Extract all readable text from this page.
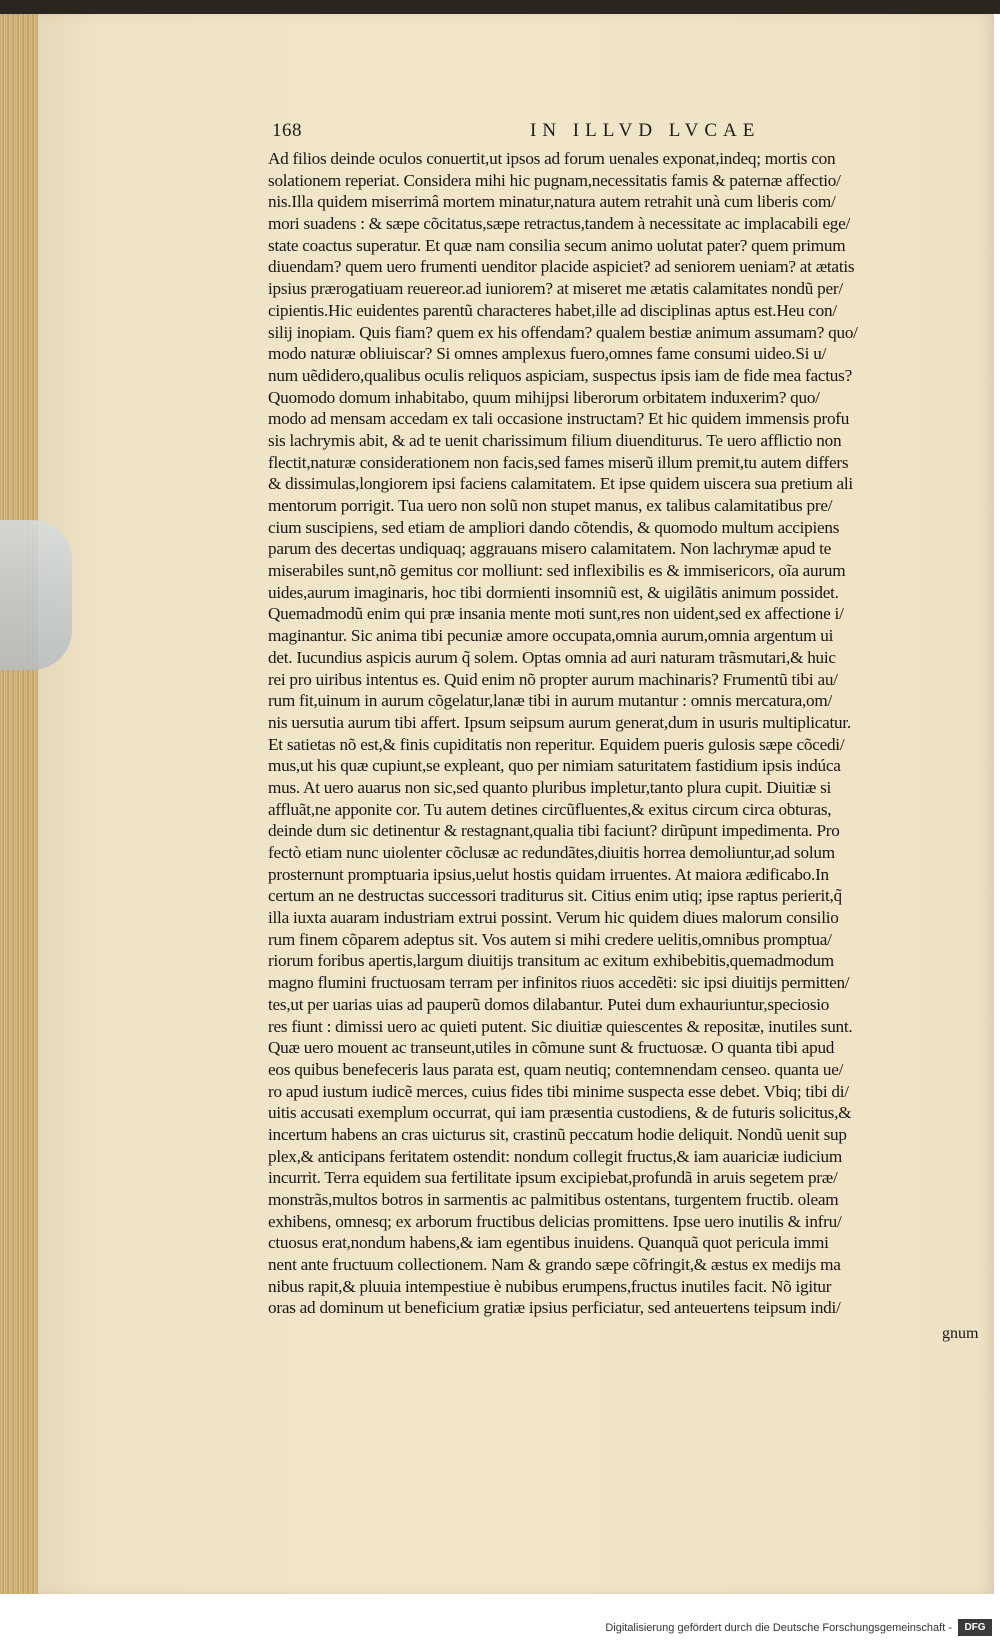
168	IN ILLVD LVCAE
Ad filios deinde oculos conuertit,ut ipsos ad forum uenales exponat,indeq; mortis con
solationem reperiat. Considera mihi hic pugnam,necessitatis famis & paternæ affectio/
nis.Illa quidem miserrimâ mortem minatur,natura autem retrahit unà cum liberis com/
mori suadens : & sæpe cõcitatus,sæpe retractus,tandem à necessitate ac implacabili ege/
state coactus superatur. Et quæ nam consilia secum animo uolutat pater? quem primum
diuendam? quem uero frumenti uenditor placide aspiciet? ad seniorem ueniam? at ætatis
ipsius prærogatiuam reuereor.ad iuniorem? at miseret me ætatis calamitates nondũ per/
cipientis.Hic euidentes parentũ characteres habet,ille ad disciplinas aptus est.Heu con/
silij inopiam. Quis fiam? quem ex his offendam? qualem bestiæ animum assumam? quo/
modo naturæ obliuiscar? Si omnes amplexus fuero,omnes fame consumi uideo.Si u/
num uẽdidero,qualibus oculis reliquos aspiciam, suspectus ipsis iam de fide mea factus?
Quomodo domum inhabitabo, quum mihijpsi liberorum orbitatem induxerim? quo/
modo ad mensam accedam ex tali occasione instructam? Et hic quidem immensis profu
sis lachrymis abit, & ad te uenit charissimum filium diuenditurus. Te uero afflictio non
flectit,naturæ considerationem non facis,sed fames miserũ illum premit,tu autem differs
& dissimulas,longiorem ipsi faciens calamitatem. Et ipse quidem uiscera sua pretium ali
mentorum porrigit. Tua uero non solũ non stupet manus, ex talibus calamitatibus pre/
cium suscipiens, sed etiam de ampliori dando cõtendis, & quomodo multum accipiens
parum des decertas undiquaq; aggrauans misero calamitatem. Non lachrymæ apud te
miserabiles sunt,nõ gemitus cor molliunt: sed inflexibilis es & immisericors, oĩa aurum
uides,aurum imaginaris, hoc tibi dormienti insomniũ est, & uigilãtis animum possidet.
Quemadmodũ enim qui præ insania mente moti sunt,res non uident,sed ex affectione i/
maginantur. Sic anima tibi pecuniæ amore occupata,omnia aurum,omnia argentum ui
det. Iucundius aspicis aurum q̃ solem. Optas omnia ad auri naturam trãsmutari,& huic
rei pro uiribus intentus es. Quid enim nõ propter aurum machinaris? Frumentũ tibi au/
rum fit,uinum in aurum cõgelatur,lanæ tibi in aurum mutantur : omnis mercatura,om/
nis uersutia aurum tibi affert. Ipsum seipsum aurum generat,dum in usuris multiplicatur.
Et satietas nõ est,& finis cupiditatis non reperitur. Equidem pueris gulosis sæpe cõcedi/
mus,ut his quæ cupiunt,se expleant, quo per nimiam saturitatem fastidium ipsis indúca
mus. At uero auarus non sic,sed quanto pluribus impletur,tanto plura cupit. Diuitiæ si
affluãt,ne apponite cor. Tu autem detines circũfluentes,& exitus circum circa obturas,
deinde dum sic detinentur & restagnant,qualia tibi faciunt? dirũpunt impedimenta. Pro
fectò etiam nunc uiolenter cõclusæ ac redundãtes,diuitis horrea demoliuntur,ad solum
prosternunt promptuaria ipsius,uelut hostis quidam irruentes. At maiora ædificabo.In
certum an ne destructas successori traditurus sit. Citius enim utiq; ipse raptus perierit,q̃
illa iuxta auaram industriam extrui possint. Verum hic quidem diues malorum consilio
rum finem cõparem adeptus sit. Vos autem si mihi credere uelitis,omnibus promptua/
riorum foribus apertis,largum diuitijs transitum ac exitum exhibebitis,quemadmodum
magno flumini fructuosam terram per infinitos riuos accedẽti: sic ipsi diuitijs permitten/
tes,ut per uarias uias ad pauperũ domos dilabantur. Putei dum exhauriuntur,speciosio
res fiunt : dimissi uero ac quieti putent. Sic diuitiæ quiescentes & repositæ, inutiles sunt.
Quæ uero mouent ac transeunt,utiles in cõmune sunt & fructuosæ. O quanta tibi apud
eos quibus benefeceris laus parata est, quam neutiq; contemnendam censeo. quanta ue/
ro apud iustum iudicẽ merces, cuius fides tibi minime suspecta esse debet. Vbiq; tibi di/
uitis accusati exemplum occurrat, qui iam præsentia custodiens, & de futuris solicitus,&
incertum habens an cras uicturus sit, crastinũ peccatum hodie deliquit. Nondũ uenit sup
plex,& anticipans feritatem ostendit: nondum collegit fructus,& iam auariciæ iudicium
incurrit. Terra equidem sua fertilitate ipsum excipiebat,profundã in aruis segetem præ/
monstrãs,multos botros in sarmentis ac palmitibus ostentans, turgentem fructib. oleam
exhibens, omnesq; ex arborum fructibus delicias promittens. Ipse uero inutilis & infru/
ctuosus erat,nondum habens,& iam egentibus inuidens. Quanquã quot pericula immi
nent ante fructuum collectionem. Nam & grando sæpe cõfringit,& æstus ex medijs ma
nibus rapit,& pluuia intempestiue è nubibus erumpens,fructus inutiles facit. Nõ igitur
oras ad dominum ut beneficium gratiæ ipsius perficiatur, sed anteuertens teipsum indi/
gnum
Digitalisierung gefördert durch die Deutsche Forschungsgemeinschaft -	DFG
